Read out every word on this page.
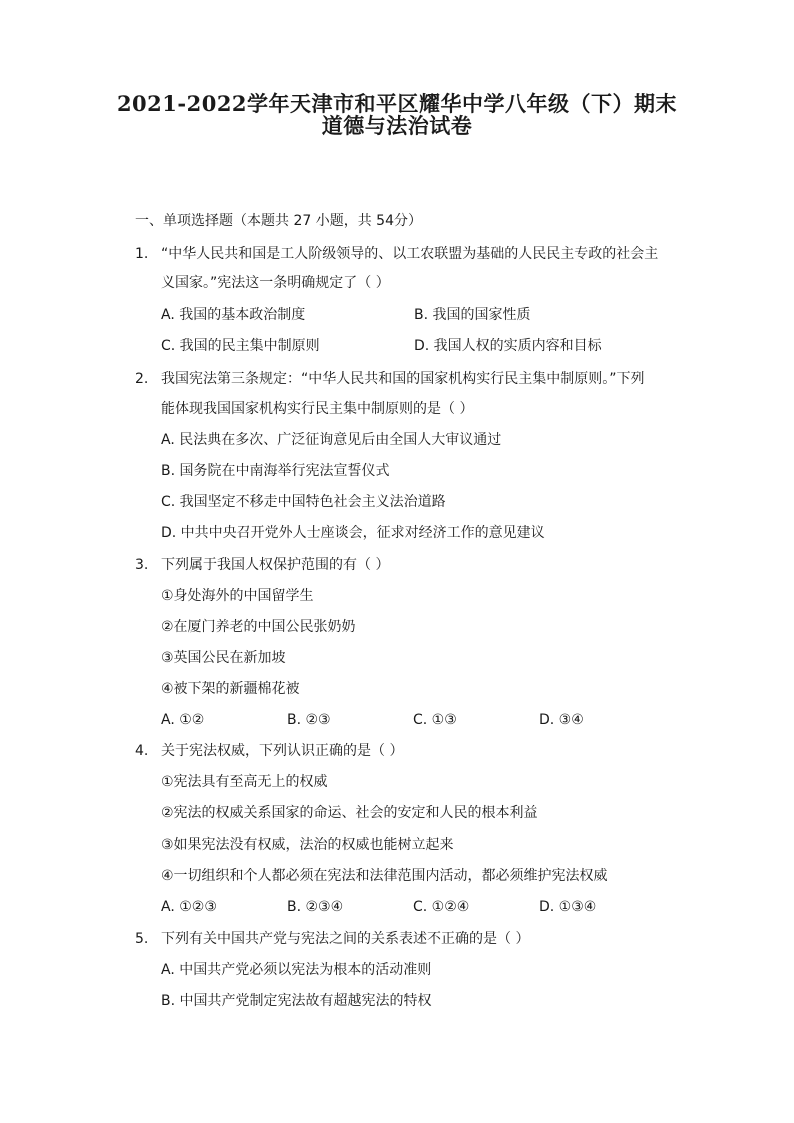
2021-2022学年天津市和平区耀华中学八年级（下）期末
道德与法治试卷
一、单项选择题（本题共 27 小题，共 54分）
1. “中华人民共和国是工人阶级领导的、以工农联盟为基础的人民民主专政的社会主
义国家。”宪法这一条明确规定了（ ）
A. 我国的基本政治制度	B. 我国的国家性质
C. 我国的民主集中制原则	D. 我国人权的实质内容和目标
2. 我国宪法第三条规定：“中华人民共和国的国家机构实行民主集中制原则。”下列
能体现我国国家机构实行民主集中制原则的是（ ）
A. 民法典在多次、广泛征询意见后由全国人大审议通过
B. 国务院在中南海举行宪法宣誓仪式
C. 我国坚定不移走中国特色社会主义法治道路
D. 中共中央召开党外人士座谈会，征求对经济工作的意见建议
3. 下列属于我国人权保护范围的有（ ）
①身处海外的中国留学生
②在厦门养老的中国公民张奶奶
③英国公民在新加坡
④被下架的新疆棉花被
A. ①②	B. ②③	C. ①③	D. ③④
4. 关于宪法权威，下列认识正确的是（ ）
①宪法具有至高无上的权威
②宪法的权威关系国家的命运、社会的安定和人民的根本利益
③如果宪法没有权威，法治的权威也能树立起来
④一切组织和个人都必须在宪法和法律范围内活动，都必须维护宪法权威
A. ①②③	B. ②③④	C. ①②④	D. ①③④
5. 下列有关中国共产党与宪法之间的关系表述不正确的是（ ）
A. 中国共产党必须以宪法为根本的活动准则
B. 中国共产党制定宪法故有超越宪法的特权
